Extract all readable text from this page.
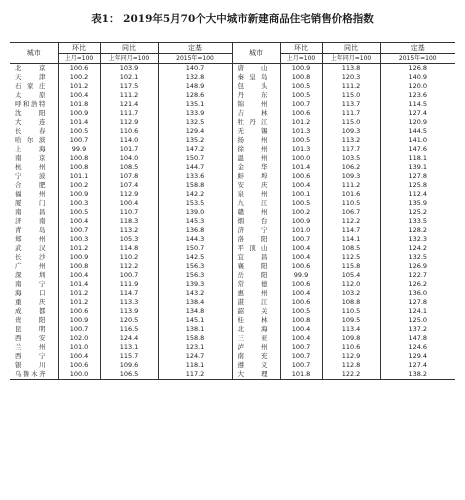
表1： 2019年5月70个大中城市新建商品住宅销售价格指数
城市	环比	同比	定基	城市	环比	同比	定基
	上月=100	上年同月=100	2015年=100		上月=100	上年同月=100	2015年=100
北　　京	100.6	103.9	140.7	唐　　山	100.9	113.8	126.8
天　　津	100.2	102.1	132.8	秦 皇 岛	100.8	120.3	140.9
石 家 庄	101.2	117.5	148.9	包　　头	100.5	111.2	120.0
太　　原	100.4	111.2	128.6	丹　　东	100.5	115.0	123.6
呼和浩特	101.8	121.4	135.1	锦　　州	100.7	113.7	114.5
沈　　阳	100.9	111.7	133.9	吉　　林	100.6	111.7	127.4
大　　连	101.4	112.9	132.5	牡 丹 江	101.2	115.0	120.9
长　　春	100.5	110.6	129.4	无　　锡	101.3	109.3	144.5
哈 尔 滨	100.7	114.0	135.2	扬　　州	100.5	113.2	141.0
上　　海	99.9	101.7	147.2	徐　　州	101.3	117.7	147.6
南　　京	100.8	104.0	150.7	温　　州	100.0	103.5	118.1
杭　　州	100.8	108.5	144.7	金　　华	101.4	106.2	139.1
宁　　波	101.1	107.8	133.6	蚌　　埠	100.6	109.3	127.8
合　　肥	100.2	107.4	158.8	安　　庆	100.4	111.2	125.8
福　　州	100.9	112.9	142.2	泉　　州	100.1	101.6	112.4
厦　　门	100.3	100.4	153.5	九　　江	100.5	110.5	135.9
南　　昌	100.5	110.7	139.0	赣　　州	100.2	106.7	125.2
济　　南	100.4	118.3	145.3	烟　　台	100.9	112.2	133.5
青　　岛	100.7	113.2	136.8	济　　宁	101.0	114.7	128.2
郑　　州	100.3	105.3	144.3	洛　　阳	100.7	114.1	132.3
武　　汉	101.2	114.8	150.7	平 顶 山	100.4	108.5	124.2
长　　沙	100.9	110.2	142.5	宜　　昌	100.4	112.5	132.5
广　　州	100.8	112.2	156.3	襄　　阳	100.6	115.8	126.9
深　　圳	100.4	100.7	156.3	岳　　阳	99.9	105.4	122.7
南　　宁	101.4	111.9	139.3	常　　德	100.6	112.0	126.2
海　　口	101.2	114.7	143.2	惠　　州	100.4	103.2	136.0
重　　庆	101.2	113.3	138.4	湛　　江	100.6	108.8	127.8
成　　都	100.6	113.9	134.8	韶　　关	100.5	110.5	124.1
贵　　阳	100.9	120.5	145.1	桂　　林	100.8	109.5	125.0
昆　　明	100.7	116.5	138.1	北　　海	100.4	113.4	137.2
西　　安	102.0	124.4	158.8	三　　亚	100.4	109.8	147.8
兰　　州	101.0	113.1	123.1	泸　　州	100.7	110.6	124.6
西　　宁	100.4	115.7	124.7	南　　充	100.7	112.9	129.4
银　　川	100.6	109.6	118.1	遵　　义	100.7	112.8	127.4
乌鲁木齐	100.0	106.5	117.2	大　　理	101.8	122.2	138.2
